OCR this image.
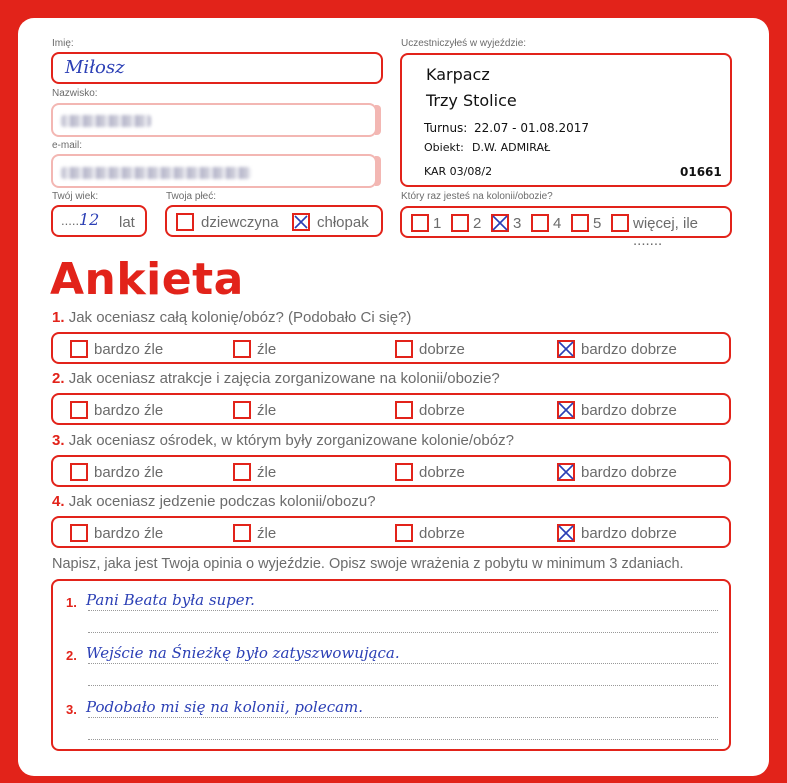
Imię:
Miłosz
Nazwisko:
e-mail:
Twój wiek:
......
12 lat
Twoja płeć:
dziewczyna	chłopak
Uczestniczyłeś w wyjeździe:
Karpacz
Trzy Stolice
Turnus: 22.07 - 01.08.2017
Obiekt: D.W. ADMIRAŁ
KAR 03/08/2	01661
Który raz jesteś na kolonii/obozie?
1 2 3 4 5 więcej, ile .......
Ankieta
1. Jak oceniasz całą kolonię/obóz? (Podobało Ci się?)
bardzo źle	źle	dobrze	bardzo dobrze
2. Jak oceniasz atrakcje i zajęcia zorganizowane na kolonii/obozie?
bardzo źle	źle	dobrze	bardzo dobrze
3. Jak oceniasz ośrodek, w którym były zorganizowane kolonie/obóz?
bardzo źle	źle	dobrze	bardzo dobrze
4. Jak oceniasz jedzenie podczas kolonii/obozu?
bardzo źle	źle	dobrze	bardzo dobrze
Napisz, jaka jest Twoja opinia o wyjeździe. Opisz swoje wrażenia z pobytu w minimum 3 zdaniach.
1. Pani Beata była super.
2. Wejście na Śnieżkę było zatyszwowująca.
3. Podobało mi się na kolonii, polecam.
